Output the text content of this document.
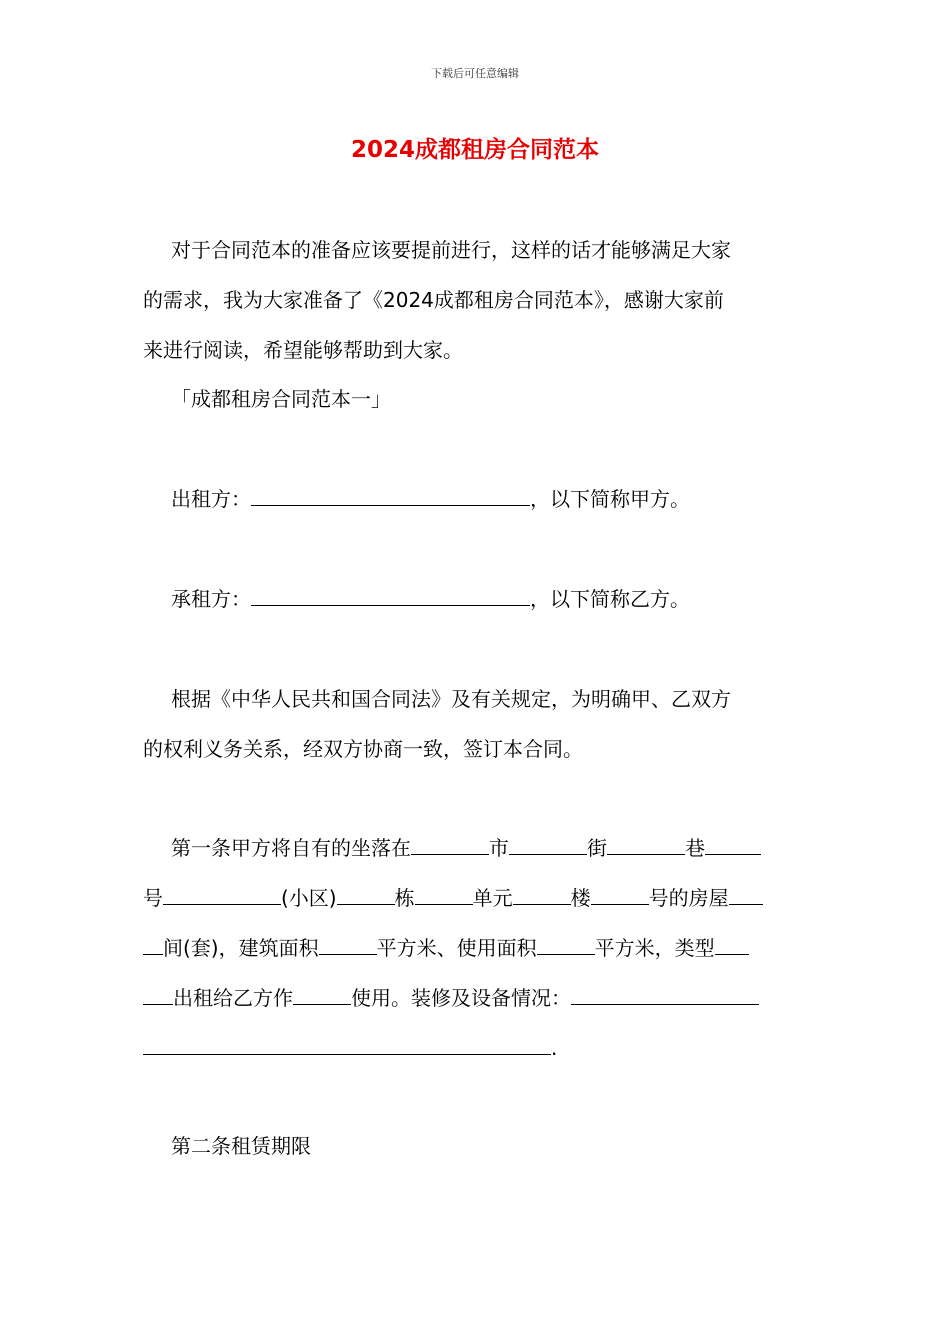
下载后可任意编辑
2024成都租房合同范本
对于合同范本的准备应该要提前进行，这样的话才能够满足大家
的需求，我为大家准备了《2024成都租房合同范本》，感谢大家前
来进行阅读，希望能够帮助到大家。
「成都租房合同范本一」
出租方：	，以下简称甲方。
承租方：	，以下简称乙方。
根据《中华人民共和国合同法》及有关规定，为明确甲、乙双方
的权利义务关系，经双方协商一致，签订本合同。
第一条甲方将自有的坐落在	市	街	巷
号	(小区)	栋	单元	楼	号的房屋
间(套)，建筑面积	平方米、使用面积	平方米，类型
出租给乙方作	使用。装修及设备情况：
.
第二条租赁期限
